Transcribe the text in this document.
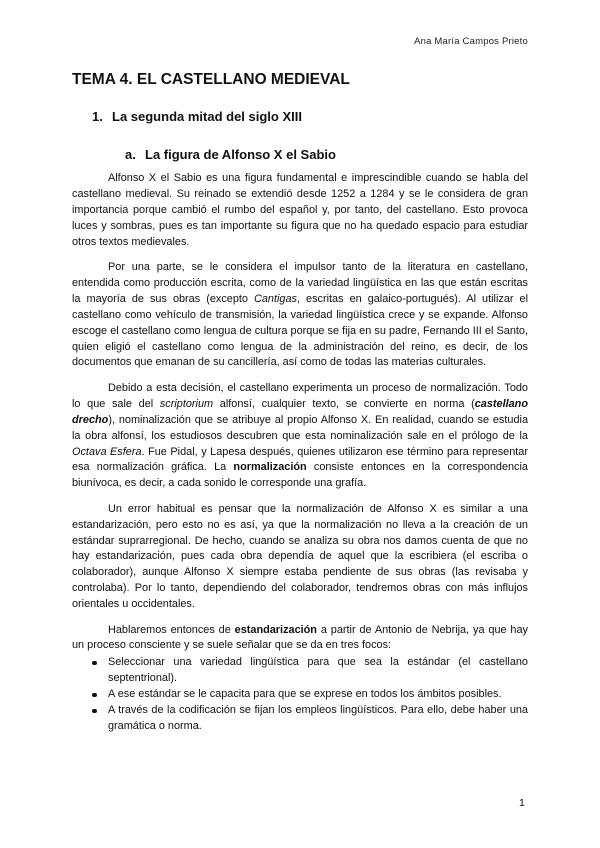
Ana María Campos Prieto
TEMA 4. EL CASTELLANO MEDIEVAL
1. La segunda mitad del siglo XIII
a. La figura de Alfonso X el Sabio

Alfonso X el Sabio es una figura fundamental e imprescindible cuando se habla del castellano medieval. Su reinado se extendió desde 1252 a 1284 y se le considera de gran importancia porque cambió el rumbo del español y, por tanto, del castellano. Esto provoca luces y sombras, pues es tan importante su figura que no ha quedado espacio para estudiar otros textos medievales.

Por una parte, se le considera el impulsor tanto de la literatura en castellano, entendida como producción escrita, como de la variedad lingüística en las que están escritas la mayoría de sus obras (excepto Cantigas, escritas en galaico-portugués). Al utilizar el castellano como vehículo de transmisión, la variedad lingüística crece y se expande. Alfonso escoge el castellano como lengua de cultura porque se fija en su padre, Fernando III el Santo, quien eligió el castellano como lengua de la administración del reino, es decir, de los documentos que emanan de su cancillería, así como de todas las materias culturales.

Debido a esta decisión, el castellano experimenta un proceso de normalización. Todo lo que sale del scriptorium alfonsí, cualquier texto, se convierte en norma (castellano drecho), nominalización que se atribuye al propio Alfonso X. En realidad, cuando se estudia la obra alfonsí, los estudiosos descubren que esta nominalización sale en el prólogo de la Octava Esfera. Fue Pidal, y Lapesa después, quienes utilizaron ese término para representar esa normalización gráfica. La normalización consiste entonces en la correspondencia biunívoca, es decir, a cada sonido le corresponde una grafía.

Un error habitual es pensar que la normalización de Alfonso X es similar a una estandarización, pero esto no es así, ya que la normalización no lleva a la creación de un estándar suprarregional. De hecho, cuando se analiza su obra nos damos cuenta de que no hay estandarización, pues cada obra dependía de aquel que la escribiera (el escriba o colaborador), aunque Alfonso X siempre estaba pendiente de sus obras (las revisaba y controlaba). Por lo tanto, dependiendo del colaborador, tendremos obras con más influjos orientales u occidentales.

Hablaremos entonces de estandarización a partir de Antonio de Nebrija, ya que hay un proceso consciente y se suele señalar que se da en tres focos:

Seleccionar una variedad lingüística para que sea la estándar (el castellano septentrional).
A ese estándar se le capacita para que se exprese en todos los ámbitos posibles.
A través de la codificación se fijan los empleos lingüísticos. Para ello, debe haber una gramática o norma.
1
